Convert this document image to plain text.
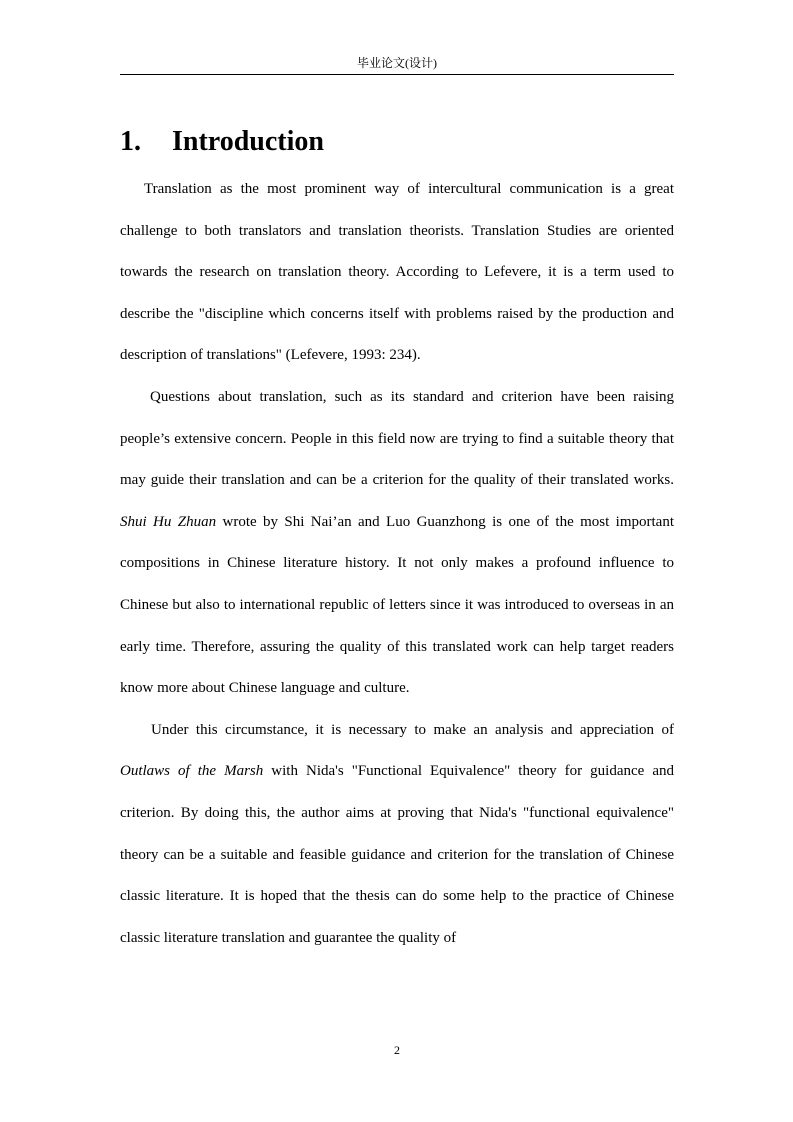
毕业论文(设计)
1. Introduction

Translation as the most prominent way of intercultural communication is a great challenge to both translators and translation theorists. Translation Studies are oriented towards the research on translation theory. According to Lefevere, it is a term used to describe the "discipline which concerns itself with problems raised by the production and description of translations" (Lefevere, 1993: 234).

Questions about translation, such as its standard and criterion have been raising people’s extensive concern. People in this field now are trying to find a suitable theory that may guide their translation and can be a criterion for the quality of their translated works. Shui Hu Zhuan wrote by Shi Nai’an and Luo Guanzhong is one of the most important compositions in Chinese literature history. It not only makes a profound influence to Chinese but also to international republic of letters since it was introduced to overseas in an early time. Therefore, assuring the quality of this translated work can help target readers know more about Chinese language and culture.

Under this circumstance, it is necessary to make an analysis and appreciation of Outlaws of the Marsh with Nida's "Functional Equivalence" theory for guidance and criterion. By doing this, the author aims at proving that Nida's "functional equivalence" theory can be a suitable and feasible guidance and criterion for the translation of Chinese classic literature. It is hoped that the thesis can do some help to the practice of Chinese classic literature translation and guarantee the quality of

2
